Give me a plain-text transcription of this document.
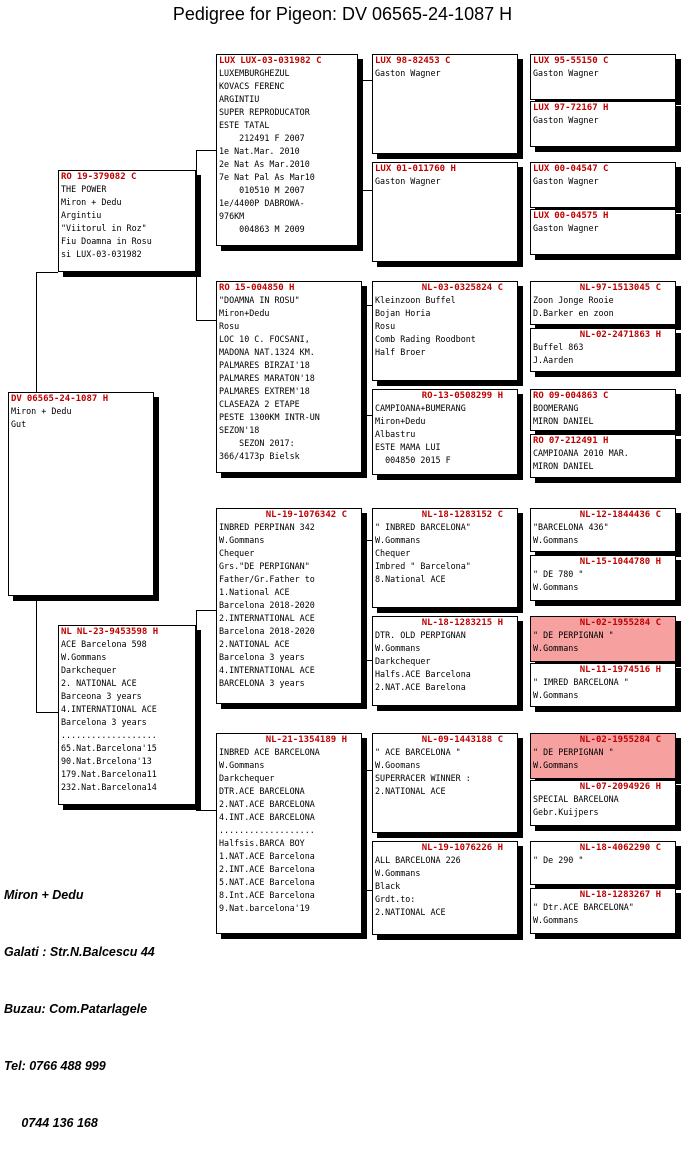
Pedigree for Pigeon: DV 06565-24-1087 H
DV 06565-24-1087 H
Miron + Dedu
Gut
RO 19-379082 C
THE POWER
Miron + Dedu
Argintiu
"Viitorul in Roz"
Fiu Doamna in Rosu
si LUX-03-031982
NL NL-23-9453598 H
ACE Barcelona 598
W.Gommans
Darkchequer
2. NATIONAL ACE
Barceona 3 years
4.INTERNATIONAL ACE
Barcelona 3 years
...................
65.Nat.Barcelona'15
90.Nat.Brcelona'13
179.Nat.Barcelona11
232.Nat.Barcelona14
LUX LUX-03-031982 C
LUXEMBURGHEZUL
KOVACS FERENC
ARGINTIU
SUPER REPRODUCATOR
ESTE TATAL
212491 F 2007
1e Nat.Mar. 2010
2e Nat As Mar.2010
7e Nat Pal As Mar10
010510 M 2007
1e/4400P DABROWA-
976KM
004863 M 2009
RO 15-004850 H
"DOAMNA IN ROSU"
Miron+Dedu
Rosu
LOC 10 C. FOCSANI,
MADONA NAT.1324 KM.
PALMARES BIRZAI'18
PALMARES MARATON'18
PALMARES EXTREM'18
CLASEAZA 2 ETAPE
PESTE 1300KM INTR-UN
SEZON'18
SEZON 2017:
366/4173p Bielsk
NL-19-1076342 C
INBRED PERPINAN 342
W.Gommans
Chequer
Grs."DE PERPIGNAN"
Father/Gr.Father to
1.National ACE
Barcelona 2018-2020
2.INTERNATIONAL ACE
Barcelona 2018-2020
2.NATIONAL ACE
Barcelona 3 years
4.INTERNATIONAL ACE
BARCELONA 3 years
NL-21-1354189 H
INBRED ACE BARCELONA
W.Gommans
Darkchequer
DTR.ACE BARCELONA
2.NAT.ACE BARCELONA
4.INT.ACE BARCELONA
...................
Halfsis.BARCA BOY
1.NAT.ACE Barcelona
2.INT.ACE Barcelona
5.NAT.ACE Barcelona
8.Int.ACE Barcelona
9.Nat.barcelona'19
LUX 98-82453 C
Gaston Wagner
LUX 01-011760 H
Gaston Wagner
NL-03-0325824 C
Kleinzoon Buffel
Bojan Horia
Rosu
Comb Rading Roodbont
Half Broer
RO-13-0508299 H
CAMPIOANA+BUMERANG
Miron+Dedu
Albastru
ESTE MAMA LUI
004850 2015 F
NL-18-1283152 C
" INBRED BARCELONA"
W.Gommans
Chequer
Imbred " Barcelona"
8.National ACE
NL-18-1283215 H
DTR. OLD PERPIGNAN
W.Gommans
Darkchequer
Halfs.ACE Barcelona
2.NAT.ACE Barelona
NL-09-1443188 C
" ACE BARCELONA "
W.Goomans
SUPERRACER WINNER :
2.NATIONAL ACE
NL-19-1076226 H
ALL BARCELONA 226
W.Gommans
Black
Grdt.to:
2.NATIONAL ACE
LUX 95-55150 C
Gaston Wagner
LUX 97-72167 H
Gaston Wagner
LUX 00-04547 C
Gaston Wagner
LUX 00-04575 H
Gaston Wagner
NL-97-1513045 C
Zoon Jonge Rooie
D.Barker en zoon
NL-02-2471863 H
Buffel 863
J.Aarden
RO 09-004863 C
BOOMERANG
MIRON DANIEL
RO 07-212491 H
CAMPIOANA 2010 MAR.
MIRON DANIEL
NL-12-1844436 C
"BARCELONA 436"
W.Gommans
NL-15-1044780 H
" DE 780 "
W.Gommans
NL-02-1955284 C
" DE PERPIGNAN "
W.Gommans
NL-11-1974516 H
" IMRED BARCELONA "
W.Gommans
NL-02-1955284 C
" DE PERPIGNAN "
W.Gommans
NL-07-2094926 H
SPECIAL BARCELONA
Gebr.Kuijpers
NL-18-4062290 C
" De 290 "
NL-18-1283267 H
" Dtr.ACE BARCELONA"
W.Gommans

Miron + Dedu

Galati : Str.N.Balcescu 44

Buzau: Com.Patarlagele

Tel: 0766 488 999

0744 136 168
